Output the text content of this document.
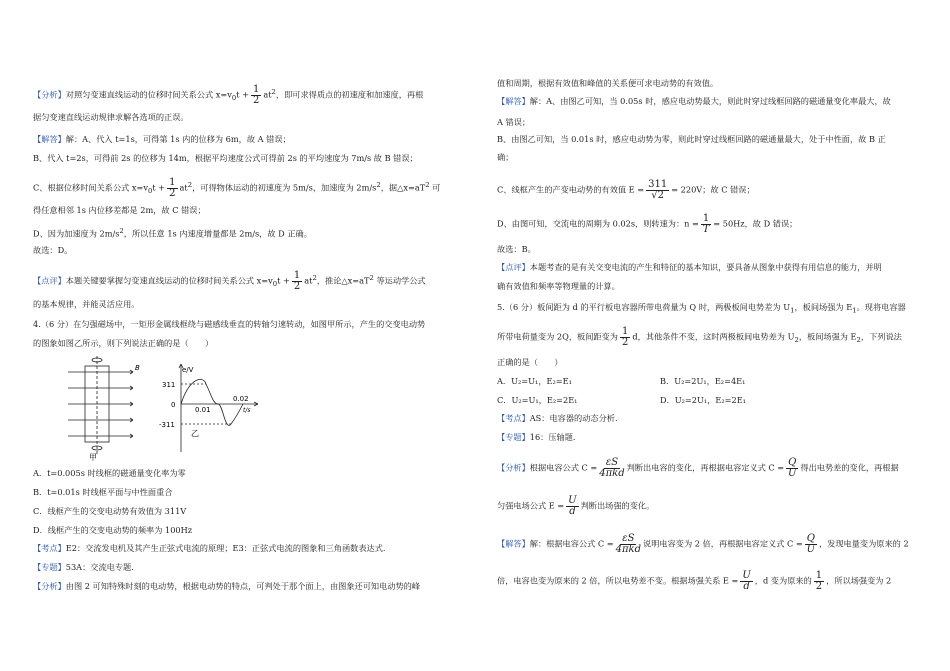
【分析】对照匀变速直线运动的位移时间关系公式 $x=v_0t + \frac{1}{2} at^2$，即可求得质点的初速度和加速度，再根
据匀变速直线运动规律求解各选项的正误。
【解答】解：A、代入 t=1s，可得第 1s 内的位移为 6m，故 A 错误；
B、代入 t=2s，可得前 2s 的位移为 14m，根据平均速度公式可得前 2s 的平均速度为 7m/s 故 B 错误；
C、根据位移时间关系公式 $x=v_0t + \frac{1}{2} at^2$，可得物体运动的初速度为 5m/s，加速度为 $2m/s^2$，据$\triangle x=aT^2$ 可
得任意相邻 1s 内位移差都是 2m，故 C 错误；
D、因为加速度为 $2m/s^2$，所以任意 1s 内速度增量都是 2m/s，故 D 正确。
故选：D。
【点评】本题关键要掌握匀变速直线运动的位移时间关系公式 $x=v_0t + \frac{1}{2} at^2$，推论$\triangle x=aT^2$ 等运动学公式
的基本规律，并能灵活应用。
4.（6 分）在匀强磁场中，一矩形金属线框绕与磁感线垂直的转轴匀速转动，如图甲所示，产生的交变电动势
的图象如图乙所示，则下列说法正确的是（　　）
B
甲
e/V
311
0
-311
0.01
0.02
t/s
乙
A．t=0.005s 时线框的磁通量变化率为零
B．t=0.01s 时线框平面与中性面重合
C．线框产生的交变电动势有效值为 311V
D．线框产生的交变电动势的频率为 100Hz
【考点】E2：交流发电机及其产生正弦式电流的原理；E3：正弦式电流的图象和三角函数表达式.
【专题】53A：交流电专题.
【分析】由图 2 可知特殊时刻的电动势，根据电动势的特点，可判处于那个面上，由图象还可知电动势的峰
值和周期，根据有效值和峰值的关系便可求电动势的有效值。
【解答】解：A、由图乙可知，当 0.05s 时，感应电动势最大，则此时穿过线框回路的磁通量变化率最大，故
A 错误；
B、由图乙可知，当 0.01s 时，感应电动势为零，则此时穿过线框回路的磁通量最大，处于中性面，故 B 正
确；
C、线框产生的产变电动势的有效值 $E = \frac{311}{√2} = 220V$；故 C 错误；
D、由图可知，交流电的周期为 0.02s，则转速为：$n = \frac{1}{T} = 50Hz$，故 D 错误；
故选：B。
【点评】本题考查的是有关交变电流的产生和特征的基本知识，要具备从图象中获得有用信息的能力，并明
确有效值和频率等物理量的计算。
5.（6 分）板间距为 d 的平行板电容器所带电荷量为 Q 时，两极板间电势差为 $U_1$，板间场强为 $E_1$。现将电容器
所带电荷量变为 2Q，板间距变为 $\frac{1}{2}$ d，其他条件不变，这时两极板间电势差为 $U_2$，板间场强为 $E_2$，下列说法
正确的是（　　）
A．U₂=U₁，E₂=E₁	B．U₂=2U₁，E₂=4E₁
C．U₂=U₁，E₂=2E₁	D．U₂=2U₁，E₂=2E₁
【考点】AS：电容器的动态分析.
【专题】16：压轴题.
【分析】根据电容公式 $C = \frac{\varepsilon S}{\text{4πkd}}$ 判断出电容的变化，再根据电容定义式 $C = \frac{Q}{U}$ 得出电势差的变化，再根据
匀强电场公式 $E = \frac{U}{d}$ 判断出场强的变化。
【解答】解：根据电容公式 $C = \frac{\varepsilon S}{\text{4πkd}}$ 说明电容变为 2 倍，再根据电容定义式 $C = \frac{Q}{U}$ ，发现电量变为原来的 2
倍，电容也变为原来的 2 倍，所以电势差不变。根据场强关系 $E = \frac{U}{d}$ ，d 变为原来的 $\frac{1}{2}$ ，所以场强变为 2
